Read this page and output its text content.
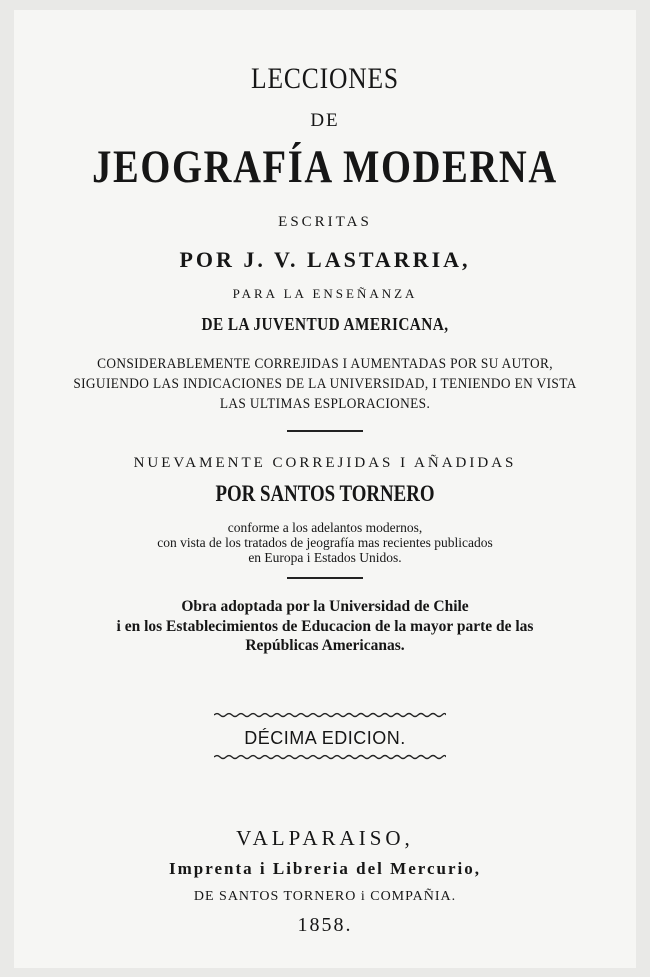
LECCIONES
DE
JEOGRAFÍA MODERNA
ESCRITAS
POR J. V. LASTARRIA,
PARA LA ENSEÑANZA
DE LA JUVENTUD AMERICANA,
CONSIDERABLEMENTE CORREJIDAS I AUMENTADAS POR SU AUTOR,
SIGUIENDO LAS INDICACIONES DE LA UNIVERSIDAD, I TENIENDO EN VISTA
LAS ULTIMAS ESPLORACIONES.
NUEVAMENTE CORREJIDAS I AÑADIDAS
POR SANTOS TORNERO
conforme a los adelantos modernos,
con vista de los tratados de jeografía mas recientes publicados
en Europa i Estados Unidos.
Obra adoptada por la Universidad de Chile
i en los Establecimientos de Educacion de la mayor parte de las
Repúblicas Americanas.
DÉCIMA EDICION.
VALPARAISO,
Imprenta i Libreria del Mercurio,
DE SANTOS TORNERO i COMPAÑIA.
1858.
